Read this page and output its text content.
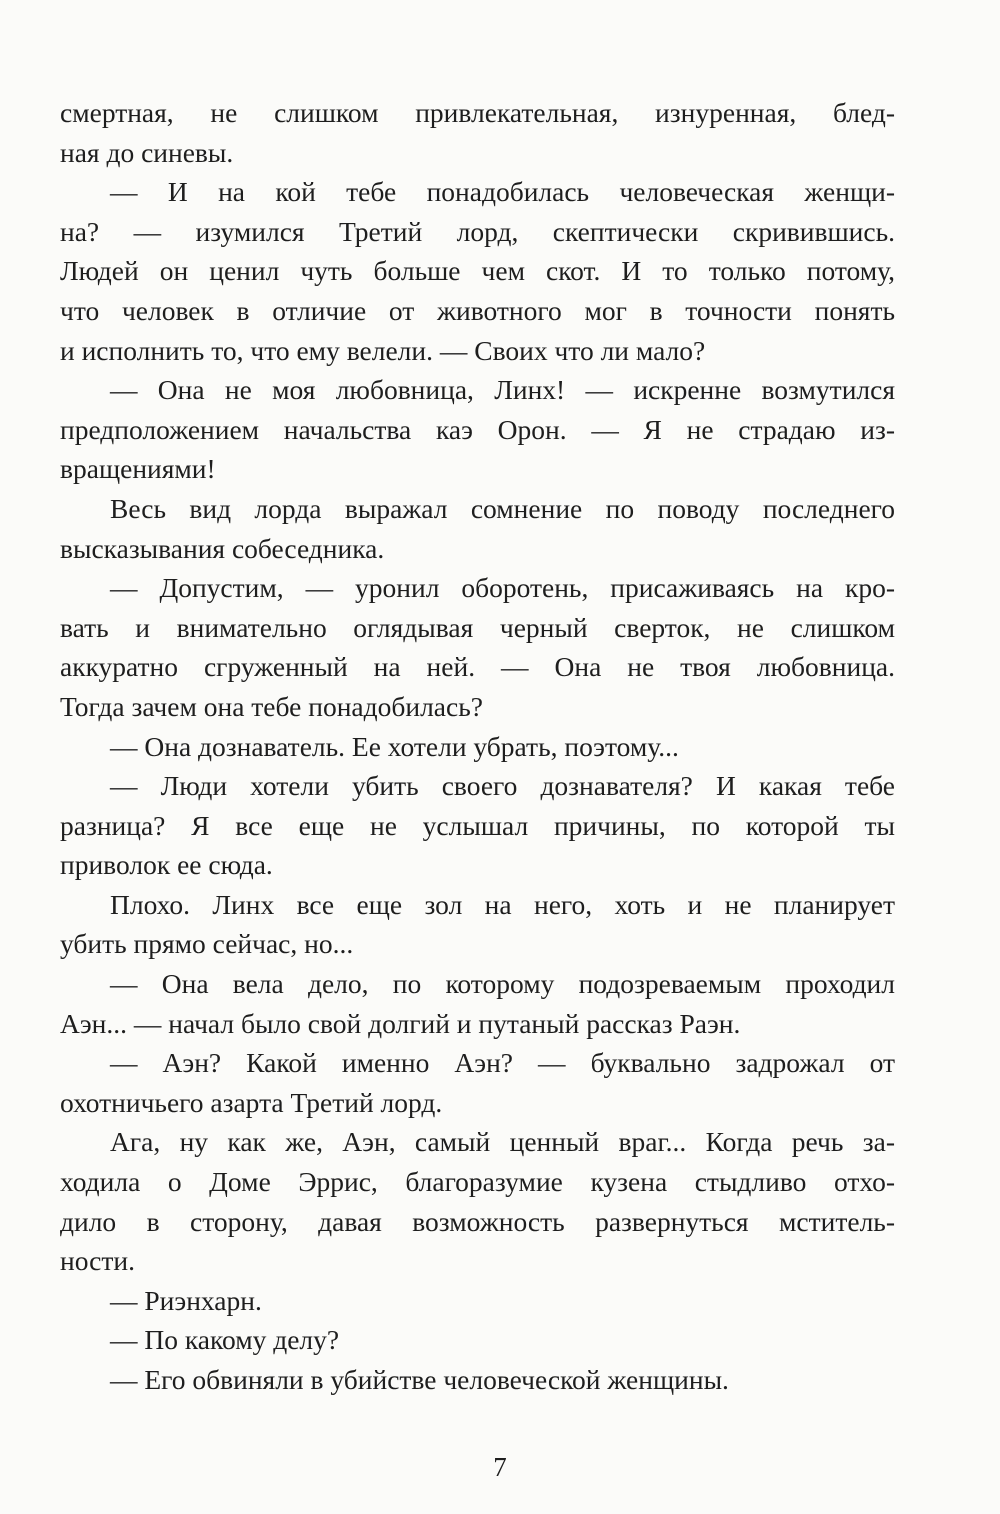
смертная, не слишком привлекательная, изнуренная, блед-
ная до синевы.
— И на кой тебе понадобилась человеческая женщи-
на? — изумился Третий лорд, скептически скривившись.
Людей он ценил чуть больше чем скот. И то только потому,
что человек в отличие от животного мог в точности понять
и исполнить то, что ему велели. — Своих что ли мало?
— Она не моя любовница, Линх! — искренне возмутился
предположением начальства каэ Орон. — Я не страдаю из-
вращениями!
Весь вид лорда выражал сомнение по поводу последнего
высказывания собеседника.
— Допустим, — уронил оборотень, присаживаясь на кро-
вать и внимательно оглядывая черный сверток, не слишком
аккуратно сгруженный на ней. — Она не твоя любовница.
Тогда зачем она тебе понадобилась?
— Она дознаватель. Ее хотели убрать, поэтому...
— Люди хотели убить своего дознавателя? И какая тебе
разница? Я все еще не услышал причины, по которой ты
приволок ее сюда.
Плохо. Линх все еще зол на него, хоть и не планирует
убить прямо сейчас, но...
— Она вела дело, по которому подозреваемым проходил
Аэн... — начал было свой долгий и путаный рассказ Раэн.
— Аэн? Какой именно Аэн? — буквально задрожал от
охотничьего азарта Третий лорд.
Ага, ну как же, Аэн, самый ценный враг... Когда речь за-
ходила о Доме Эррис, благоразумие кузена стыдливо отхо-
дило в сторону, давая возможность развернуться мститель-
ности.
— Риэнхарн.
— По какому делу?
— Его обвиняли в убийстве человеческой женщины.
7
